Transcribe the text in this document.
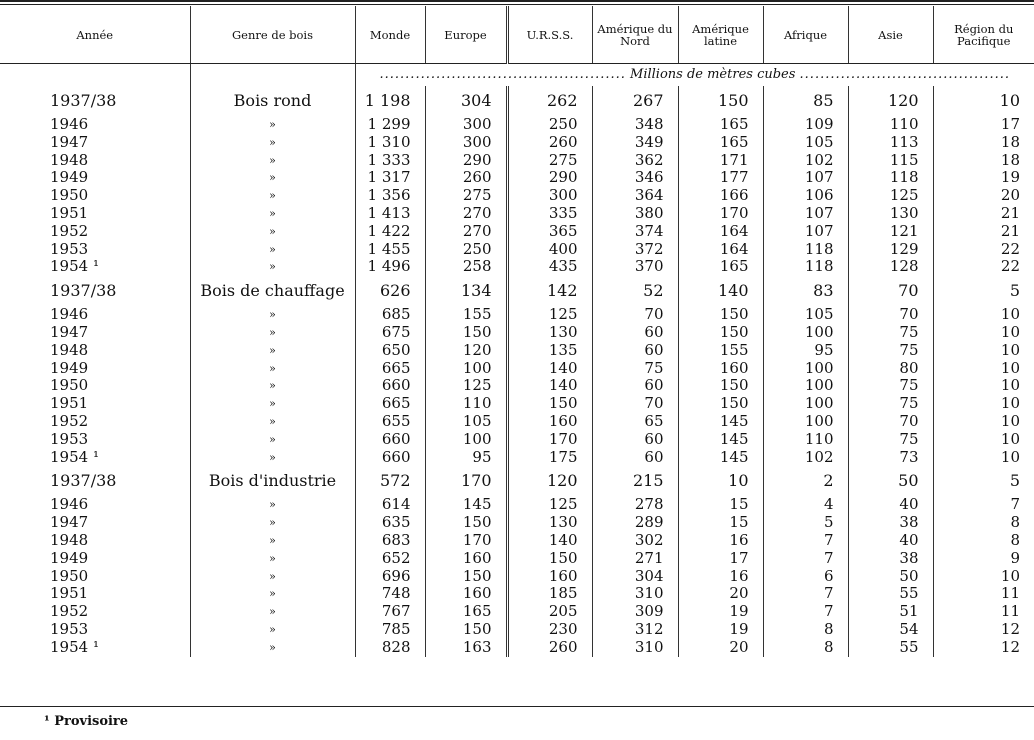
Année	Genre de bois	Monde	Europe	U.R.S.S.	Amérique du Nord	Amérique latine	Afrique	Asie	Région du Pacifique
		................................................ Millions de mètres cubes .........................................							
1937/38	Bois rond	1 198	304	262	267	150	85	120	10
1946	»	1 299	300	250	348	165	109	110	17
1947	»	1 310	300	260	349	165	105	113	18
1948	»	1 333	290	275	362	171	102	115	18
1949	»	1 317	260	290	346	177	107	118	19
1950	»	1 356	275	300	364	166	106	125	20
1951	»	1 413	270	335	380	170	107	130	21
1952	»	1 422	270	365	374	164	107	121	21
1953	»	1 455	250	400	372	164	118	129	22
1954 ¹	»	1 496	258	435	370	165	118	128	22
1937/38	Bois de chauffage	626	134	142	52	140	83	70	5
1946	»	685	155	125	70	150	105	70	10
1947	»	675	150	130	60	150	100	75	10
1948	»	650	120	135	60	155	95	75	10
1949	»	665	100	140	75	160	100	80	10
1950	»	660	125	140	60	150	100	75	10
1951	»	665	110	150	70	150	100	75	10
1952	»	655	105	160	65	145	100	70	10
1953	»	660	100	170	60	145	110	75	10
1954 ¹	»	660	95	175	60	145	102	73	10
1937/38	Bois d'industrie	572	170	120	215	10	2	50	5
1946	»	614	145	125	278	15	4	40	7
1947	»	635	150	130	289	15	5	38	8
1948	»	683	170	140	302	16	7	40	8
1949	»	652	160	150	271	17	7	38	9
1950	»	696	150	160	304	16	6	50	10
1951	»	748	160	185	310	20	7	55	11
1952	»	767	165	205	309	19	7	51	11
1953	»	785	150	230	312	19	8	54	12
1954 ¹	»	828	163	260	310	20	8	55	12
¹ Provisoire
